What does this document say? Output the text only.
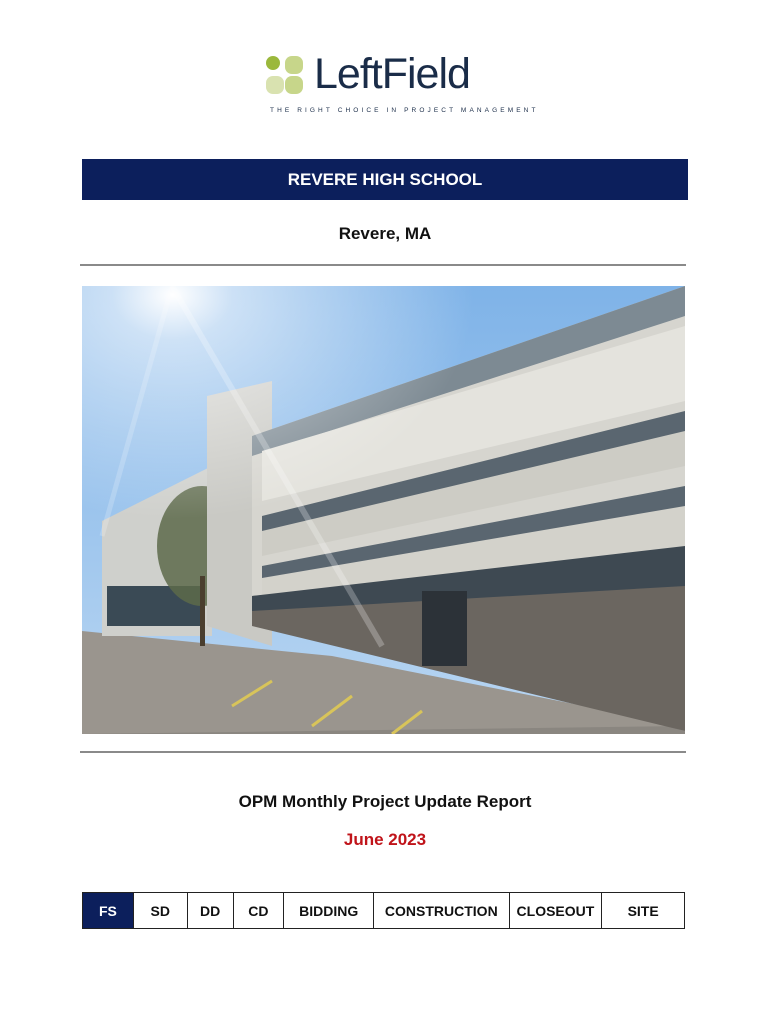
LeftField
THE RIGHT CHOICE IN PROJECT MANAGEMENT
REVERE HIGH SCHOOL
Revere, MA
OPM Monthly Project Update Report
June 2023
FS	SD	DD	CD	BIDDING	CONSTRUCTION	CLOSEOUT	SITE
